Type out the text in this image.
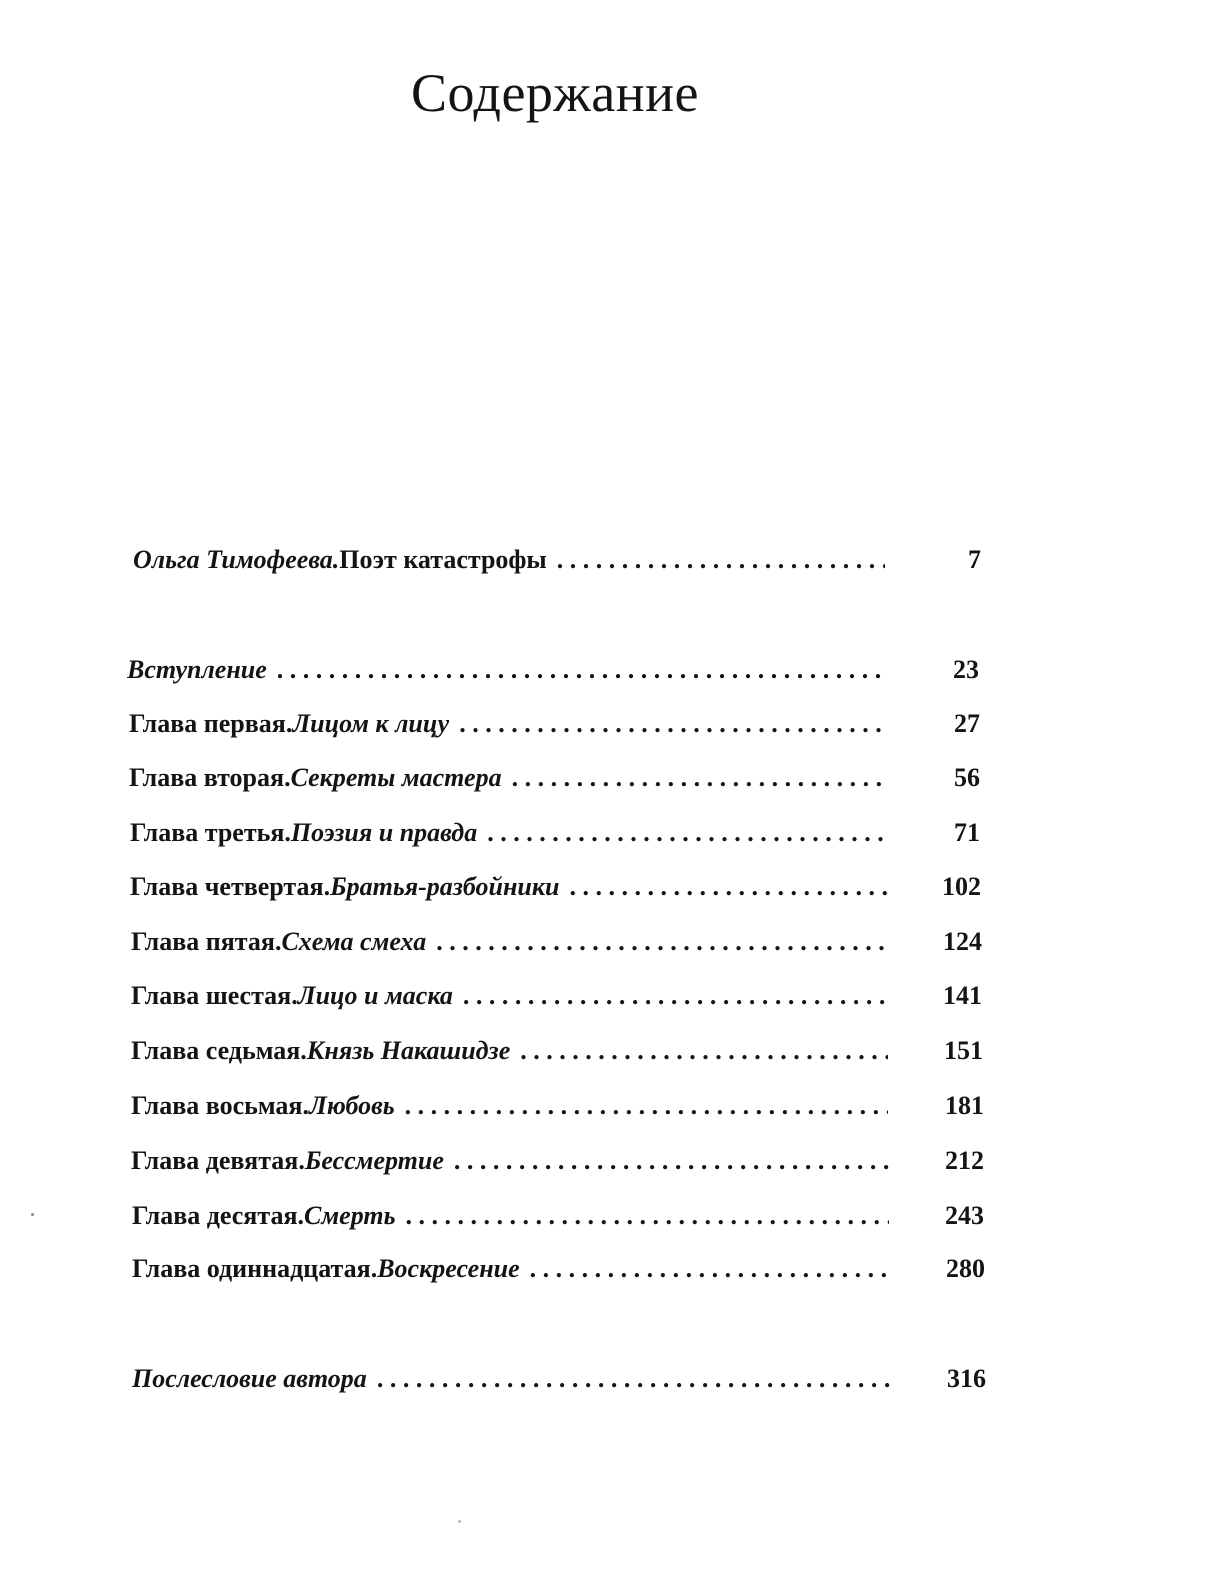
Содержание
Ольга Тимофеева. Поэт катастрофы . . .	7
Вступление . . .	23
Глава первая. Лицом к лицу . . .	27
Глава вторая. Секреты мастера . . .	56
Глава третья. Поэзия и правда . . .	71
Глава четвертая. Братья-разбойники . . .	102
Глава пятая. Схема смеха . . .	124
Глава шестая. Лицо и маска . . .	141
Глава седьмая. Князь Накашидзе . . .	151
Глава восьмая. Любовь . . .	181
Глава девятая. Бессмертие . . .	212
Глава десятая. Смерть . . .	243
Глава одиннадцатая. Воскресение . . .	280
Послесловие автора . . .	316
